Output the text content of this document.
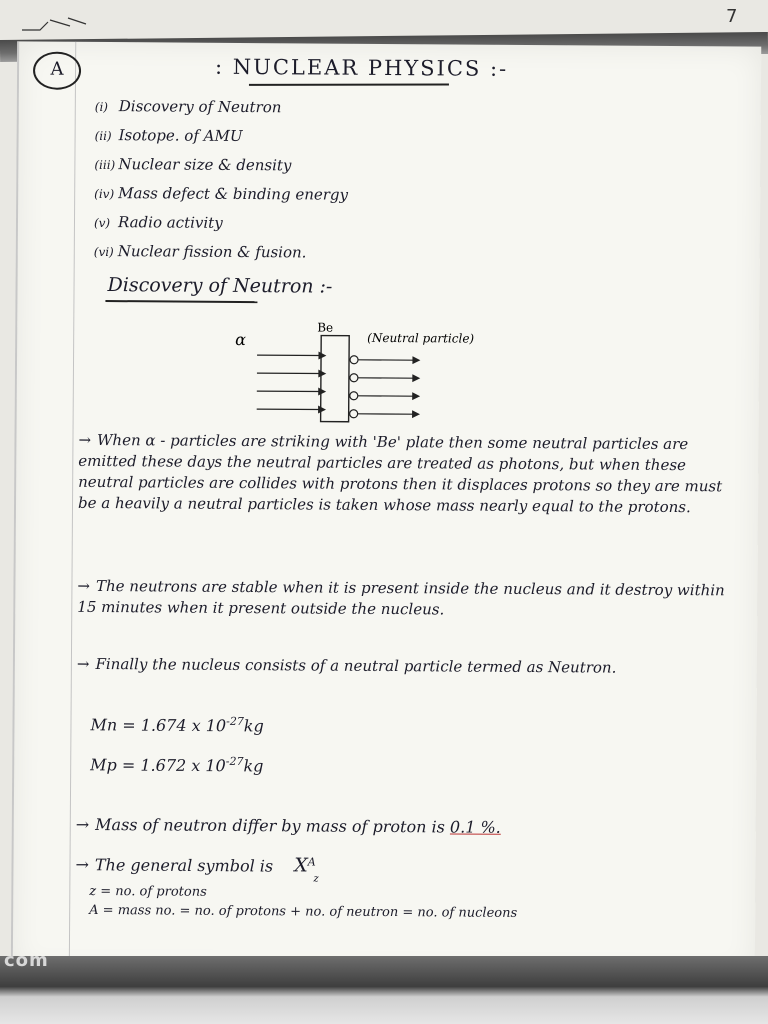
7
A	: NUCLEAR PHYSICS :-
(i) Discovery of Neutron
(ii) Isotope. of AMU
(iii) Nuclear size & density
(iv) Mass defect & binding energy
(v) Radio activity
(vi) Nuclear fission & fusion.
Discovery of Neutron :-
α
Be
(Neutral particle)

→ When α - particles are striking with 'Be' plate then some neutral particles are emitted these days the neutral particles are treated as photons, but when these neutral particles are collides with protons then it displaces protons so they are must be a heavily a neutral particles is taken whose mass nearly equal to the protons.

→ The neutrons are stable when it is present inside the nucleus and it destroy within 15 minutes when it present outside the nucleus.

→ Finally the nucleus consists of a neutral particle termed as Neutron.

Mn = 1.674 x $10^{-27}kg$
Mp = 1.672 x $10^{-27}kg$

→ Mass of neutron differ by mass of proton is 0.1 %.

→ The general symbol is $X^A$

z
z = no. of protons
A = mass no. = no. of protons + no. of neutron = no. of nucleons
com
